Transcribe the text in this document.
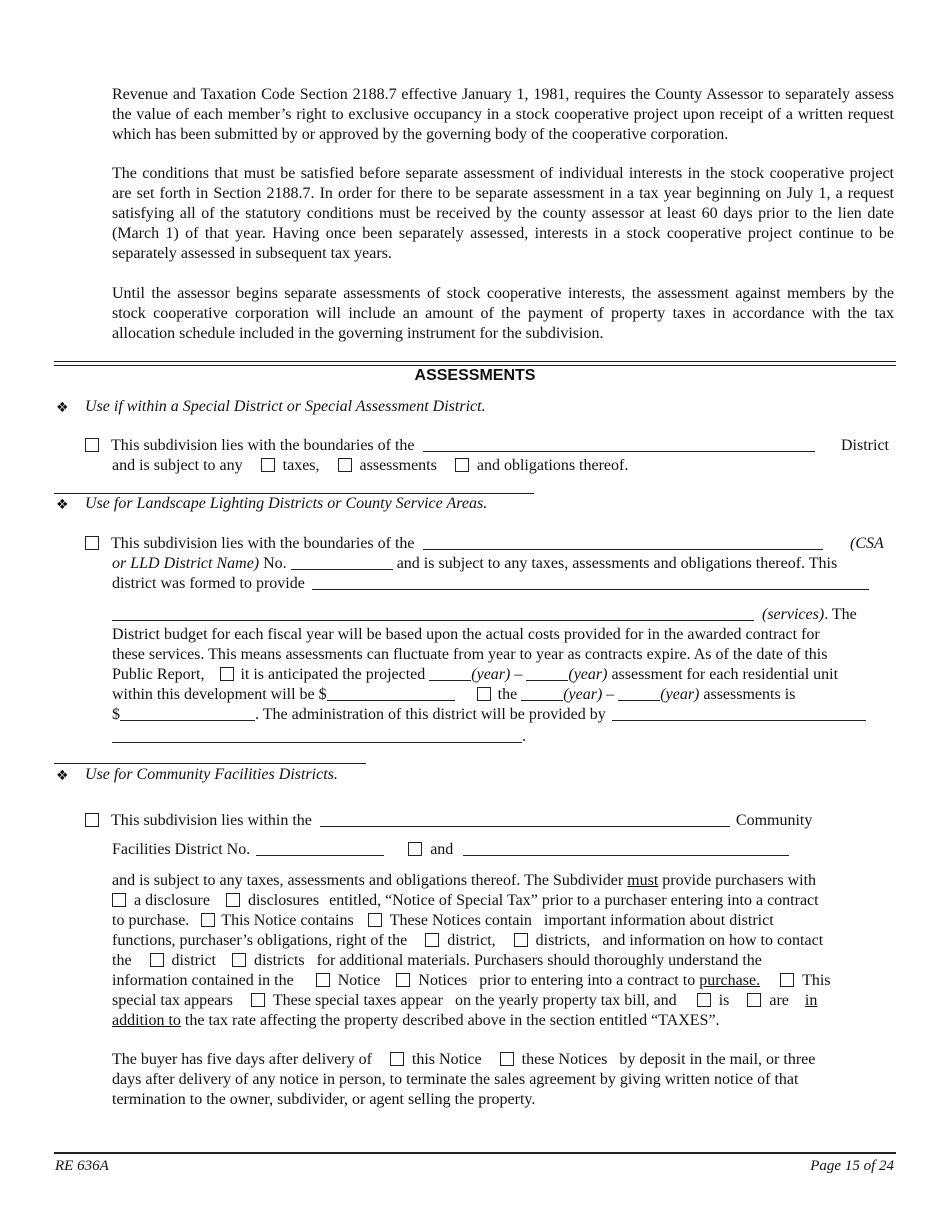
Revenue and Taxation Code Section 2188.7 effective January 1, 1981, requires the County Assessor to separately assess the value of each member’s right to exclusive occupancy in a stock cooperative project upon receipt of a written request which has been submitted by or approved by the governing body of the cooperative corporation.
The conditions that must be satisfied before separate assessment of individual interests in the stock cooperative project are set forth in Section 2188.7. In order for there to be separate assessment in a tax year beginning on July 1, a request satisfying all of the statutory conditions must be received by the county assessor at least 60 days prior to the lien date (March 1) of that year. Having once been separately assessed, interests in a stock cooperative project continue to be separately assessed in subsequent tax years.
Until the assessor begins separate assessments of stock cooperative interests, the assessment against members by the stock cooperative corporation will include an amount of the payment of property taxes in accordance with the tax allocation schedule included in the governing instrument for the subdivision.
ASSESSMENTS
❖ Use if within a Special District or Special Assessment District.
This subdivision lies with the boundaries of the	District
and is subject to any	taxes,	assessments	and obligations thereof.
❖ Use for Landscape Lighting Districts or County Service Areas.
This subdivision lies with the boundaries of the	(CSA
or LLD District Name) No.	and is subject to any taxes, assessments and obligations thereof. This
district was formed to provide
(services). The
District budget for each fiscal year will be based upon the actual costs provided for in the awarded contract for
these services. This means assessments can fluctuate from year to year as contracts expire. As of the date of this
Public Report, it is anticipated the projected	(year) –	(year) assessment for each residential unit
within this development will be $	the	(year) –	(year) assessments is
$	. The administration of this district will be provided by
.
❖ Use for Community Facilities Districts.
This subdivision lies within the	Community
Facilities District No.	and
and is subject to any taxes, assessments and obligations thereof. The Subdivider must provide purchasers with
a disclosure disclosures entitled, “Notice of Special Tax” prior to a purchaser entering into a contract
to purchase. This Notice contains These Notices contain important information about district
functions, purchaser’s obligations, right of the	district,	districts, and information on how to contact
the	district districts for additional materials. Purchasers should thoroughly understand the
information contained in the	Notice Notices prior to entering into a contract to purchase.	This
special tax appears	These special taxes appear on the yearly property tax bill, and	is	are in
addition to the tax rate affecting the property described above in the section entitled “TAXES”.
The buyer has five days after delivery of	this Notice	these Notices by deposit in the mail, or three
days after delivery of any notice in person, to terminate the sales agreement by giving written notice of that
termination to the owner, subdivider, or agent selling the property.
RE 636A	Page 15 of 24
